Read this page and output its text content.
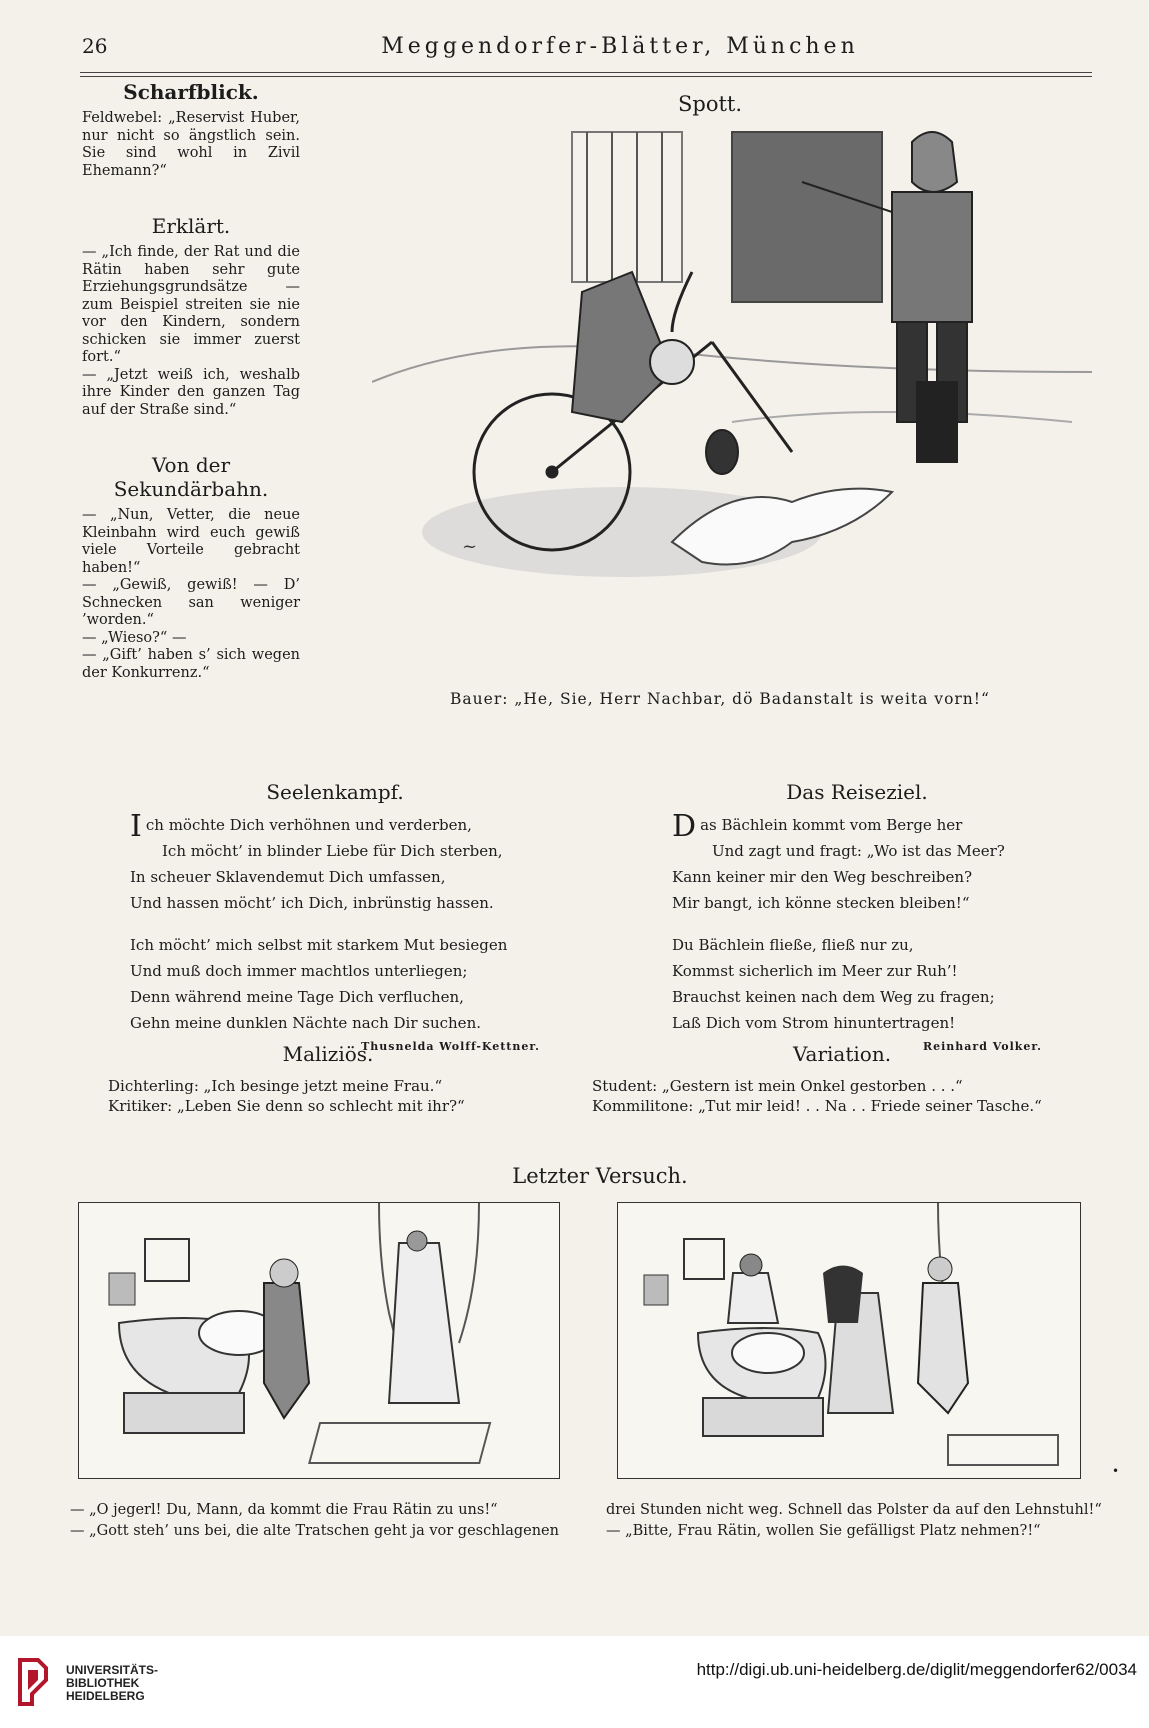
26	Meggendorfer-Blätter, München
Scharfblick.

Feldwebel: „Reservist Huber, nur nicht so ängstlich sein. Sie sind wohl in Zivil Ehemann?“

Erklärt.

— „Ich finde, der Rat und die Rätin haben sehr gute Erziehungsgrundsätze — zum Beispiel streiten sie nie vor den Kindern, sondern schicken sie immer zuerst fort.“

— „Jetzt weiß ich, weshalb ihre Kinder den ganzen Tag auf der Straße sind.“

Von der Sekundärbahn.

— „Nun, Vetter, die neue Kleinbahn wird euch gewiß viele Vorteile gebracht haben!“

— „Gewiß, gewiß! — D’ Schnecken san weniger ’worden.“

— „Wieso?“ —

— „Gift’ haben s’ sich wegen der Konkurrenz.“

Spott.
~
Bauer: „He, Sie, Herr Nachbar, dö Badanstalt is weita vorn!“
Seelenkampf.
Ich möchte Dich verhöhnen und verderben,
Ich möcht’ in blinder Liebe für Dich sterben,
In scheuer Sklavendemut Dich umfassen,
Und hassen möcht’ ich Dich, inbrünstig hassen.
Ich möcht’ mich selbst mit starkem Mut besiegen
Und muß doch immer machtlos unterliegen;
Denn während meine Tage Dich verfluchen,
Gehn meine dunklen Nächte nach Dir suchen.
Thusnelda Wolff-Kettner.
Das Reiseziel.
Das Bächlein kommt vom Berge her
Und zagt und fragt: „Wo ist das Meer?
Kann keiner mir den Weg beschreiben?
Mir bangt, ich könne stecken bleiben!“
Du Bächlein fließe, fließ nur zu,
Kommst sicherlich im Meer zur Ruh’!
Brauchst keinen nach dem Weg zu fragen;
Laß Dich vom Strom hinuntertragen!
Reinhard Volker.
Maliziös.
Dichterling: „Ich besinge jetzt meine Frau.“
Kritiker: „Leben Sie denn so schlecht mit ihr?“
Variation.
Student: „Gestern ist mein Onkel gestorben . . .“
Kommilitone: „Tut mir leid! . . Na . . Friede seiner Tasche.“
Letzter Versuch.
— „O jegerl! Du, Mann, da kommt die Frau Rätin zu uns!“
— „Gott steh’ uns bei, die alte Tratschen geht ja vor geschlagenen
drei Stunden nicht weg. Schnell das Polster da auf den Lehnstuhl!“
— „Bitte, Frau Rätin, wollen Sie gefälligst Platz nehmen?!“
•
UNIVERSITÄTS-
BIBLIOTHEK
HEIDELBERG
http://digi.ub.uni-heidelberg.de/diglit/meggendorfer62/0034
